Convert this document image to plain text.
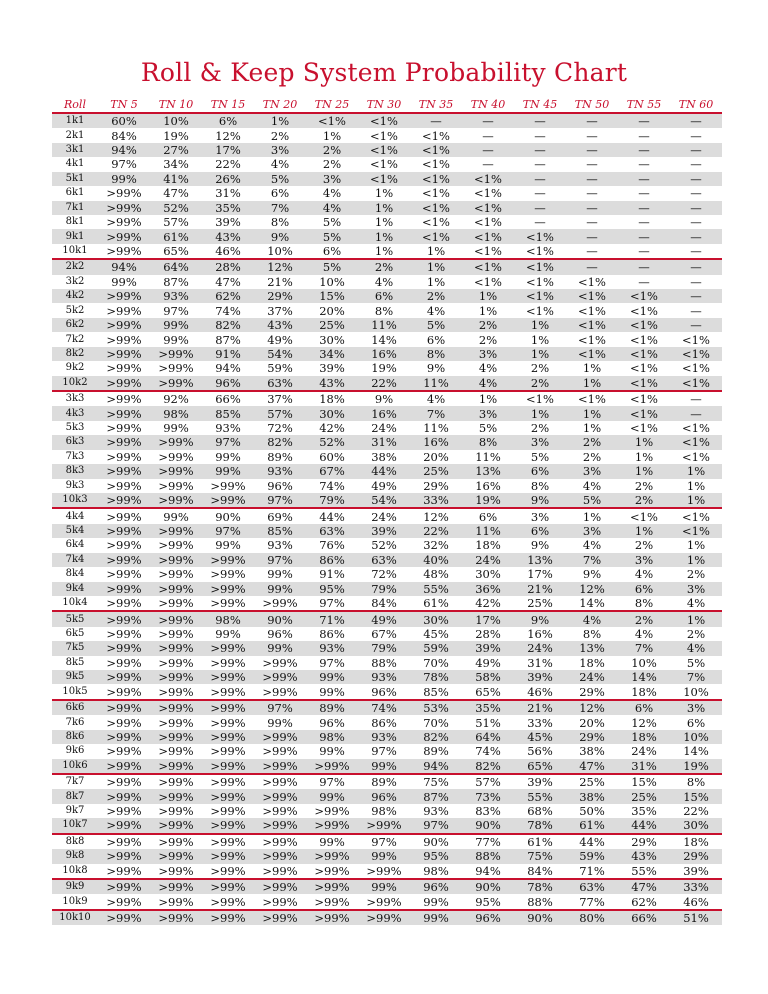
Roll & Keep System Probability Chart
Roll	TN 5	TN 10	TN 15	TN 20	TN 25	TN 30	TN 35	TN 40	TN 45	TN 50	TN 55	TN 60
1k1	60%	10%	6%	1%	<1%	<1%	—	—	—	—	—	—
2k1	84%	19%	12%	2%	1%	<1%	<1%	—	—	—	—	—
3k1	94%	27%	17%	3%	2%	<1%	<1%	—	—	—	—	—
4k1	97%	34%	22%	4%	2%	<1%	<1%	—	—	—	—	—
5k1	99%	41%	26%	5%	3%	<1%	<1%	<1%	—	—	—	—
6k1	>99%	47%	31%	6%	4%	1%	<1%	<1%	—	—	—	—
7k1	>99%	52%	35%	7%	4%	1%	<1%	<1%	—	—	—	—
8k1	>99%	57%	39%	8%	5%	1%	<1%	<1%	—	—	—	—
9k1	>99%	61%	43%	9%	5%	1%	<1%	<1%	<1%	—	—	—
10k1	>99%	65%	46%	10%	6%	1%	1%	<1%	<1%	—	—	—
2k2	94%	64%	28%	12%	5%	2%	1%	<1%	<1%	—	—	—
3k2	99%	87%	47%	21%	10%	4%	1%	<1%	<1%	<1%	—	—
4k2	>99%	93%	62%	29%	15%	6%	2%	1%	<1%	<1%	<1%	—
5k2	>99%	97%	74%	37%	20%	8%	4%	1%	<1%	<1%	<1%	—
6k2	>99%	99%	82%	43%	25%	11%	5%	2%	1%	<1%	<1%	—
7k2	>99%	99%	87%	49%	30%	14%	6%	2%	1%	<1%	<1%	<1%
8k2	>99%	>99%	91%	54%	34%	16%	8%	3%	1%	<1%	<1%	<1%
9k2	>99%	>99%	94%	59%	39%	19%	9%	4%	2%	1%	<1%	<1%
10k2	>99%	>99%	96%	63%	43%	22%	11%	4%	2%	1%	<1%	<1%
3k3	>99%	92%	66%	37%	18%	9%	4%	1%	<1%	<1%	<1%	—
4k3	>99%	98%	85%	57%	30%	16%	7%	3%	1%	1%	<1%	—
5k3	>99%	99%	93%	72%	42%	24%	11%	5%	2%	1%	<1%	<1%
6k3	>99%	>99%	97%	82%	52%	31%	16%	8%	3%	2%	1%	<1%
7k3	>99%	>99%	99%	89%	60%	38%	20%	11%	5%	2%	1%	<1%
8k3	>99%	>99%	99%	93%	67%	44%	25%	13%	6%	3%	1%	1%
9k3	>99%	>99%	>99%	96%	74%	49%	29%	16%	8%	4%	2%	1%
10k3	>99%	>99%	>99%	97%	79%	54%	33%	19%	9%	5%	2%	1%
4k4	>99%	99%	90%	69%	44%	24%	12%	6%	3%	1%	<1%	<1%
5k4	>99%	>99%	97%	85%	63%	39%	22%	11%	6%	3%	1%	<1%
6k4	>99%	>99%	99%	93%	76%	52%	32%	18%	9%	4%	2%	1%
7k4	>99%	>99%	>99%	97%	86%	63%	40%	24%	13%	7%	3%	1%
8k4	>99%	>99%	>99%	99%	91%	72%	48%	30%	17%	9%	4%	2%
9k4	>99%	>99%	>99%	99%	95%	79%	55%	36%	21%	12%	6%	3%
10k4	>99%	>99%	>99%	>99%	97%	84%	61%	42%	25%	14%	8%	4%
5k5	>99%	>99%	98%	90%	71%	49%	30%	17%	9%	4%	2%	1%
6k5	>99%	>99%	99%	96%	86%	67%	45%	28%	16%	8%	4%	2%
7k5	>99%	>99%	>99%	99%	93%	79%	59%	39%	24%	13%	7%	4%
8k5	>99%	>99%	>99%	>99%	97%	88%	70%	49%	31%	18%	10%	5%
9k5	>99%	>99%	>99%	>99%	99%	93%	78%	58%	39%	24%	14%	7%
10k5	>99%	>99%	>99%	>99%	99%	96%	85%	65%	46%	29%	18%	10%
6k6	>99%	>99%	>99%	97%	89%	74%	53%	35%	21%	12%	6%	3%
7k6	>99%	>99%	>99%	99%	96%	86%	70%	51%	33%	20%	12%	6%
8k6	>99%	>99%	>99%	>99%	98%	93%	82%	64%	45%	29%	18%	10%
9k6	>99%	>99%	>99%	>99%	99%	97%	89%	74%	56%	38%	24%	14%
10k6	>99%	>99%	>99%	>99%	>99%	99%	94%	82%	65%	47%	31%	19%
7k7	>99%	>99%	>99%	>99%	97%	89%	75%	57%	39%	25%	15%	8%
8k7	>99%	>99%	>99%	>99%	99%	96%	87%	73%	55%	38%	25%	15%
9k7	>99%	>99%	>99%	>99%	>99%	98%	93%	83%	68%	50%	35%	22%
10k7	>99%	>99%	>99%	>99%	>99%	>99%	97%	90%	78%	61%	44%	30%
8k8	>99%	>99%	>99%	>99%	99%	97%	90%	77%	61%	44%	29%	18%
9k8	>99%	>99%	>99%	>99%	>99%	99%	95%	88%	75%	59%	43%	29%
10k8	>99%	>99%	>99%	>99%	>99%	>99%	98%	94%	84%	71%	55%	39%
9k9	>99%	>99%	>99%	>99%	>99%	99%	96%	90%	78%	63%	47%	33%
10k9	>99%	>99%	>99%	>99%	>99%	>99%	99%	95%	88%	77%	62%	46%
10k10	>99%	>99%	>99%	>99%	>99%	>99%	99%	96%	90%	80%	66%	51%
